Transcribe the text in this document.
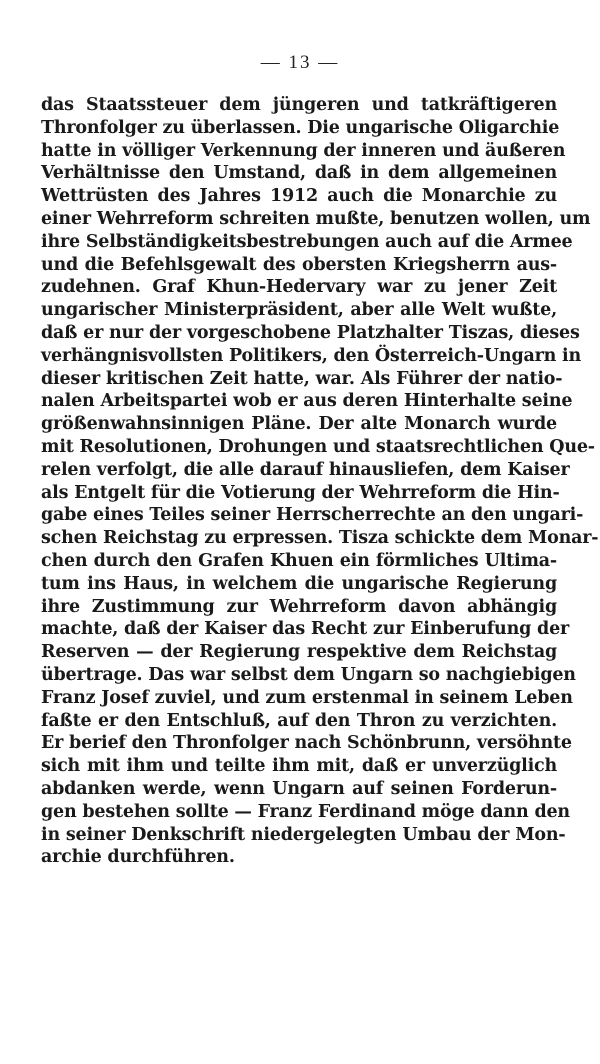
— 13 —
das Staatssteuer dem jüngeren und tatkräftigeren
Thronfolger zu überlassen. Die ungarische Oligarchie
hatte in völliger Verkennung der inneren und äußeren
Verhältnisse den Umstand, daß in dem allgemeinen
Wettrüsten des Jahres 1912 auch die Monarchie zu
einer Wehrreform schreiten mußte, benutzen wollen, um
ihre Selbständigkeitsbestrebungen auch auf die Armee
und die Befehlsgewalt des obersten Kriegsherrn aus-
zudehnen. Graf Khun-Hedervary war zu jener Zeit
ungarischer Ministerpräsident, aber alle Welt wußte,
daß er nur der vorgeschobene Platzhalter Tiszas, dieses
verhängnisvollsten Politikers, den Österreich-Ungarn in
dieser kritischen Zeit hatte, war. Als Führer der natio-
nalen Arbeitspartei wob er aus deren Hinterhalte seine
größenwahnsinnigen Pläne. Der alte Monarch wurde
mit Resolutionen, Drohungen und staatsrechtlichen Que-
relen verfolgt, die alle darauf hinausliefen, dem Kaiser
als Entgelt für die Votierung der Wehrreform die Hin-
gabe eines Teiles seiner Herrscherrechte an den ungari-
schen Reichstag zu erpressen. Tisza schickte dem Monar-
chen durch den Grafen Khuen ein förmliches Ultima-
tum ins Haus, in welchem die ungarische Regierung
ihre Zustimmung zur Wehrreform davon abhängig
machte, daß der Kaiser das Recht zur Einberufung der
Reserven — der Regierung respektive dem Reichstag
übertrage. Das war selbst dem Ungarn so nachgiebigen
Franz Josef zuviel, und zum erstenmal in seinem Leben
faßte er den Entschluß, auf den Thron zu verzichten.
Er berief den Thronfolger nach Schönbrunn, versöhnte
sich mit ihm und teilte ihm mit, daß er unverzüglich
abdanken werde, wenn Ungarn auf seinen Forderun-
gen bestehen sollte — Franz Ferdinand möge dann den
in seiner Denkschrift niedergelegten Umbau der Mon-
archie durchführen.
